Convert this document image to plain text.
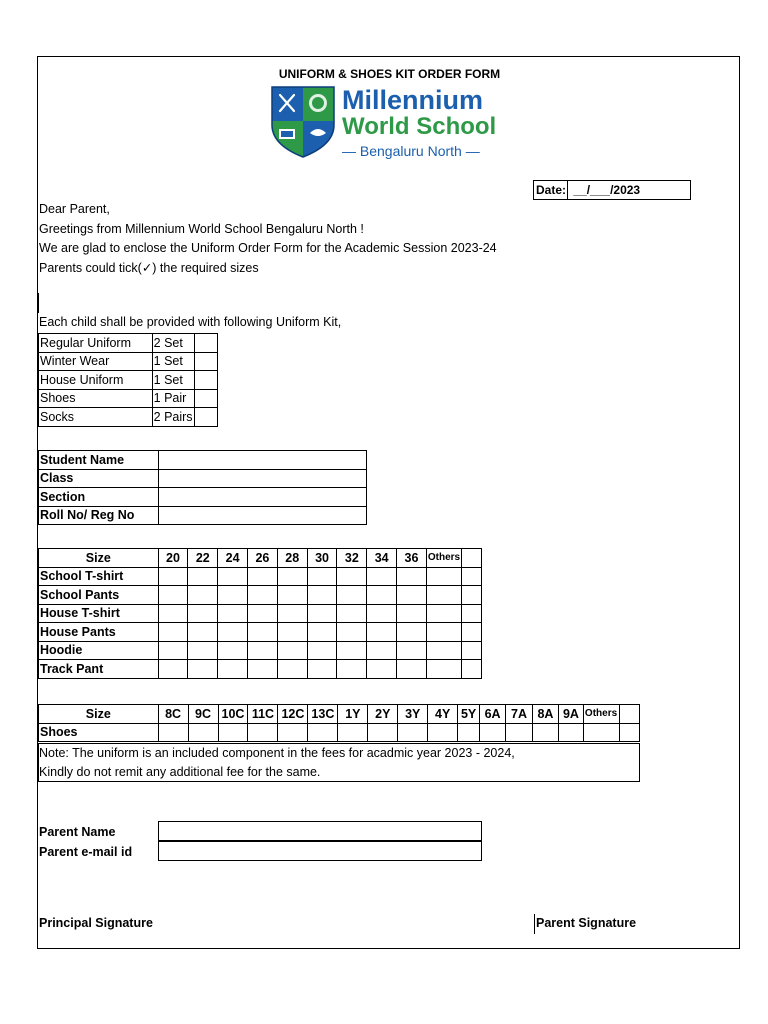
UNIFORM & SHOES KIT ORDER FORM
Millennium
World School
— Bengaluru North —
Date: __/___/2023
Dear Parent,
Greetings from Millennium World School Bengaluru North !
We are glad to enclose the Uniform Order Form for the Academic Session 2023-24
Parents could tick(✓) the required sizes
Each child shall be provided with following Uniform Kit,
Regular Uniform	2 Set	
Winter Wear	1 Set	
House Uniform	1 Set	
Shoes	1 Pair	
Socks	2 Pairs	
Student Name	
Class	
Section	
Roll No/ Reg No	
Size	20	22	24	26	28	30	32	34	36	Others	
School T-shirt											
School Pants											
House T-shirt											
House Pants											
Hoodie											
Track Pant											
Size	8C	9C	10C	11C	12C	13C	1Y	2Y	3Y	4Y	5Y	6A	7A	8A	9A	Others	
Shoes																	
Note: The uniform is an included component in the fees for acadmic year 2023 - 2024,
Kindly do not remit any additional fee for the same.
Parent Name
Parent e-mail id
Principal Signature	Parent Signature
